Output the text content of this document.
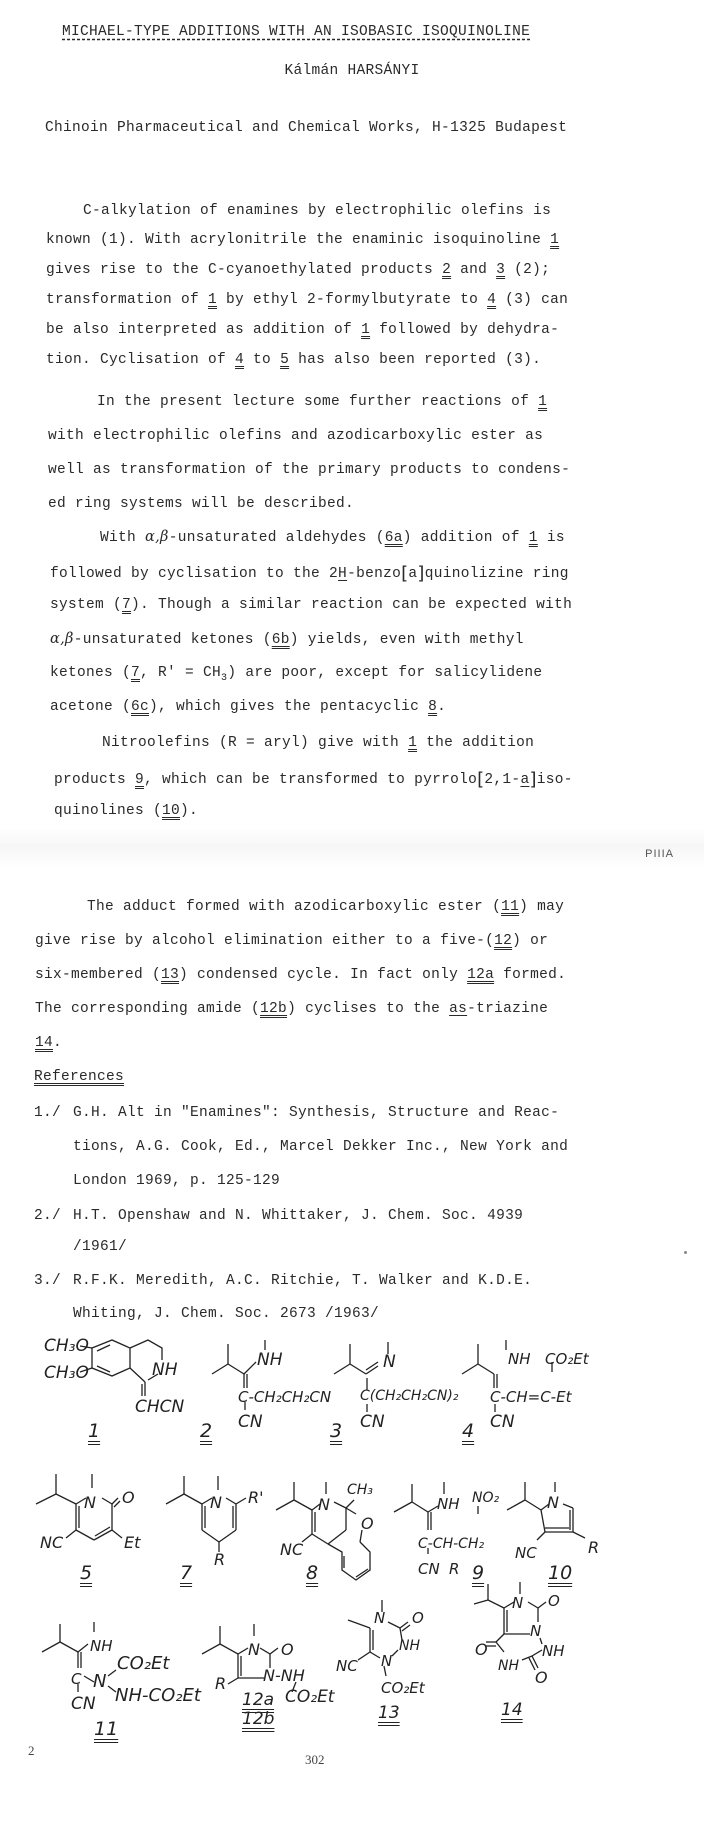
MICHAEL-TYPE ADDITIONS WITH AN ISOBASIC ISOQUINOLINE
Kálmán HARSÁNYI
Chinoin Pharmaceutical and Chemical Works, H-1325 Budapest
C-alkylation of enamines by electrophilic olefins is
known (1). With acrylonitrile the enaminic isoquinoline 1
gives rise to the C-cyanoethylated products 2 and 3 (2);
transformation of 1 by ethyl 2-formylbutyrate to 4 (3) can
be also interpreted as addition of 1 followed by dehydra-
tion. Cyclisation of 4 to 5 has also been reported (3).
In the present lecture some further reactions of 1
with electrophilic olefins and azodicarboxylic ester as
well as transformation of the primary products to condens-
ed ring systems will be described.
With α,β-unsaturated aldehydes (6a) addition of 1 is
followed by cyclisation to the 2H-benzo[a]quinolizine ring
system (7). Though a similar reaction can be expected with
α,β-unsaturated ketones (6b) yields, even with methyl
ketones (7, $R' = CH_3$) are poor, except for salicylidene
acetone (6c), which gives the pentacyclic 8.
Nitroolefins (R = aryl) give with 1 the addition
products 9, which can be transformed to pyrrolo[2,1-a]iso-
quinolines (10).
PIIIA
The adduct formed with azodicarboxylic ester (11) may
give rise by alcohol elimination either to a five-(12) or
six-membered (13) condensed cycle. In fact only 12a formed.
The corresponding amide (12b) cyclises to the as-triazine
14.
References
1./ G.H. Alt in "Enamines": Synthesis, Structure and Reac-
tions, A.G. Cook, Ed., Marcel Dekker Inc., New York and
London 1969, p. 125-129
2./ H.T. Openshaw and N. Whittaker, J. Chem. Soc. 4939
/1961/
3./ R.F.K. Meredith, A.C. Ritchie, T. Walker and K.D.E.
Whiting, J. Chem. Soc. 2673 /1963/
CH₃O
CH₃O	NH
CHCN
1
NH
C-CH₂CH₂CN
CN
2
N
C(CH₂CH₂CN)₂
CN
3
NH CO₂Et
C-CH=C-Et
CN
4
N O
NC	Et
5
N R'
R
7
N
CH₃
O
NC
8
NH NO₂
C-CH-CH₂
CN R 9
N
NC	R
10
NH
CO₂Et
N
NH-CO₂Et
C
CN
11
N O
N-NH
R
CO₂Et
12a
12b
N O
NH
N
NC
CO₂Et
13
N O
N
NH
O
NH
O
14
2
302
